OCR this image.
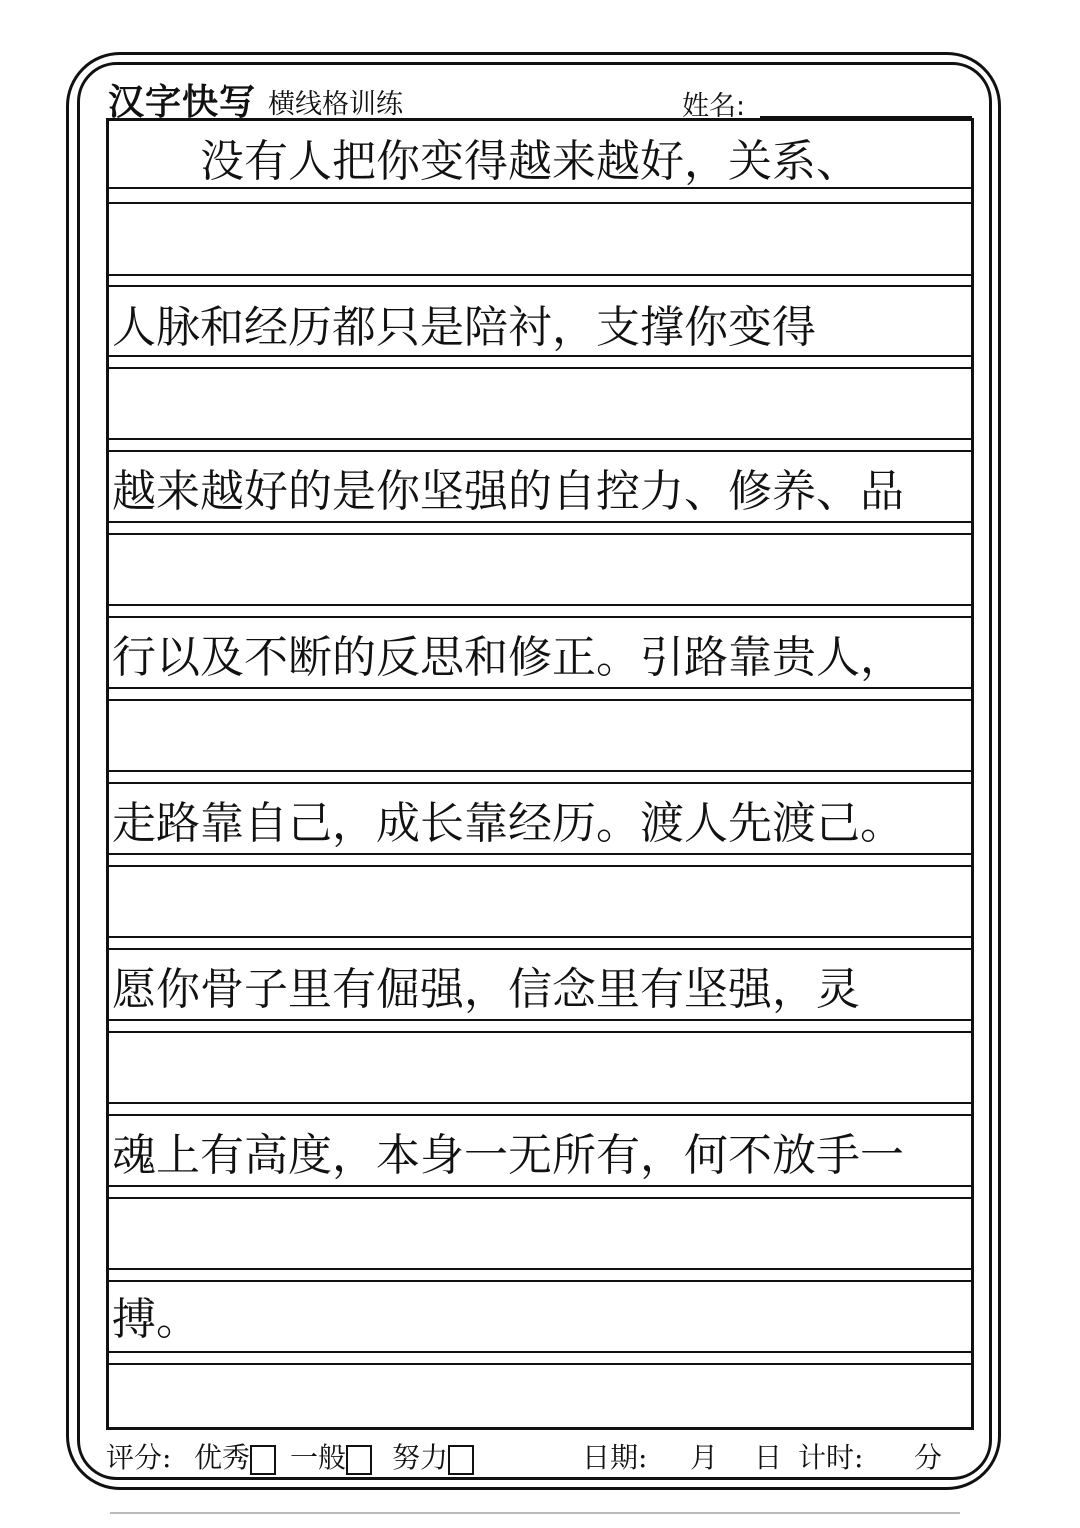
汉字快写 横线格训练	姓名:
　　没有人把你变得越来越好，关系、
人脉和经历都只是陪衬，支撑你变得
越来越好的是你坚强的自控力、修养、品
行以及不断的反思和修正。引路靠贵人，
走路靠自己，成长靠经历。渡人先渡己。
愿你骨子里有倔强，信念里有坚强，灵
魂上有高度，本身一无所有，何不放手一
搏。
评分: 优秀	一般	努力	日期: 月 日 计时: 分
